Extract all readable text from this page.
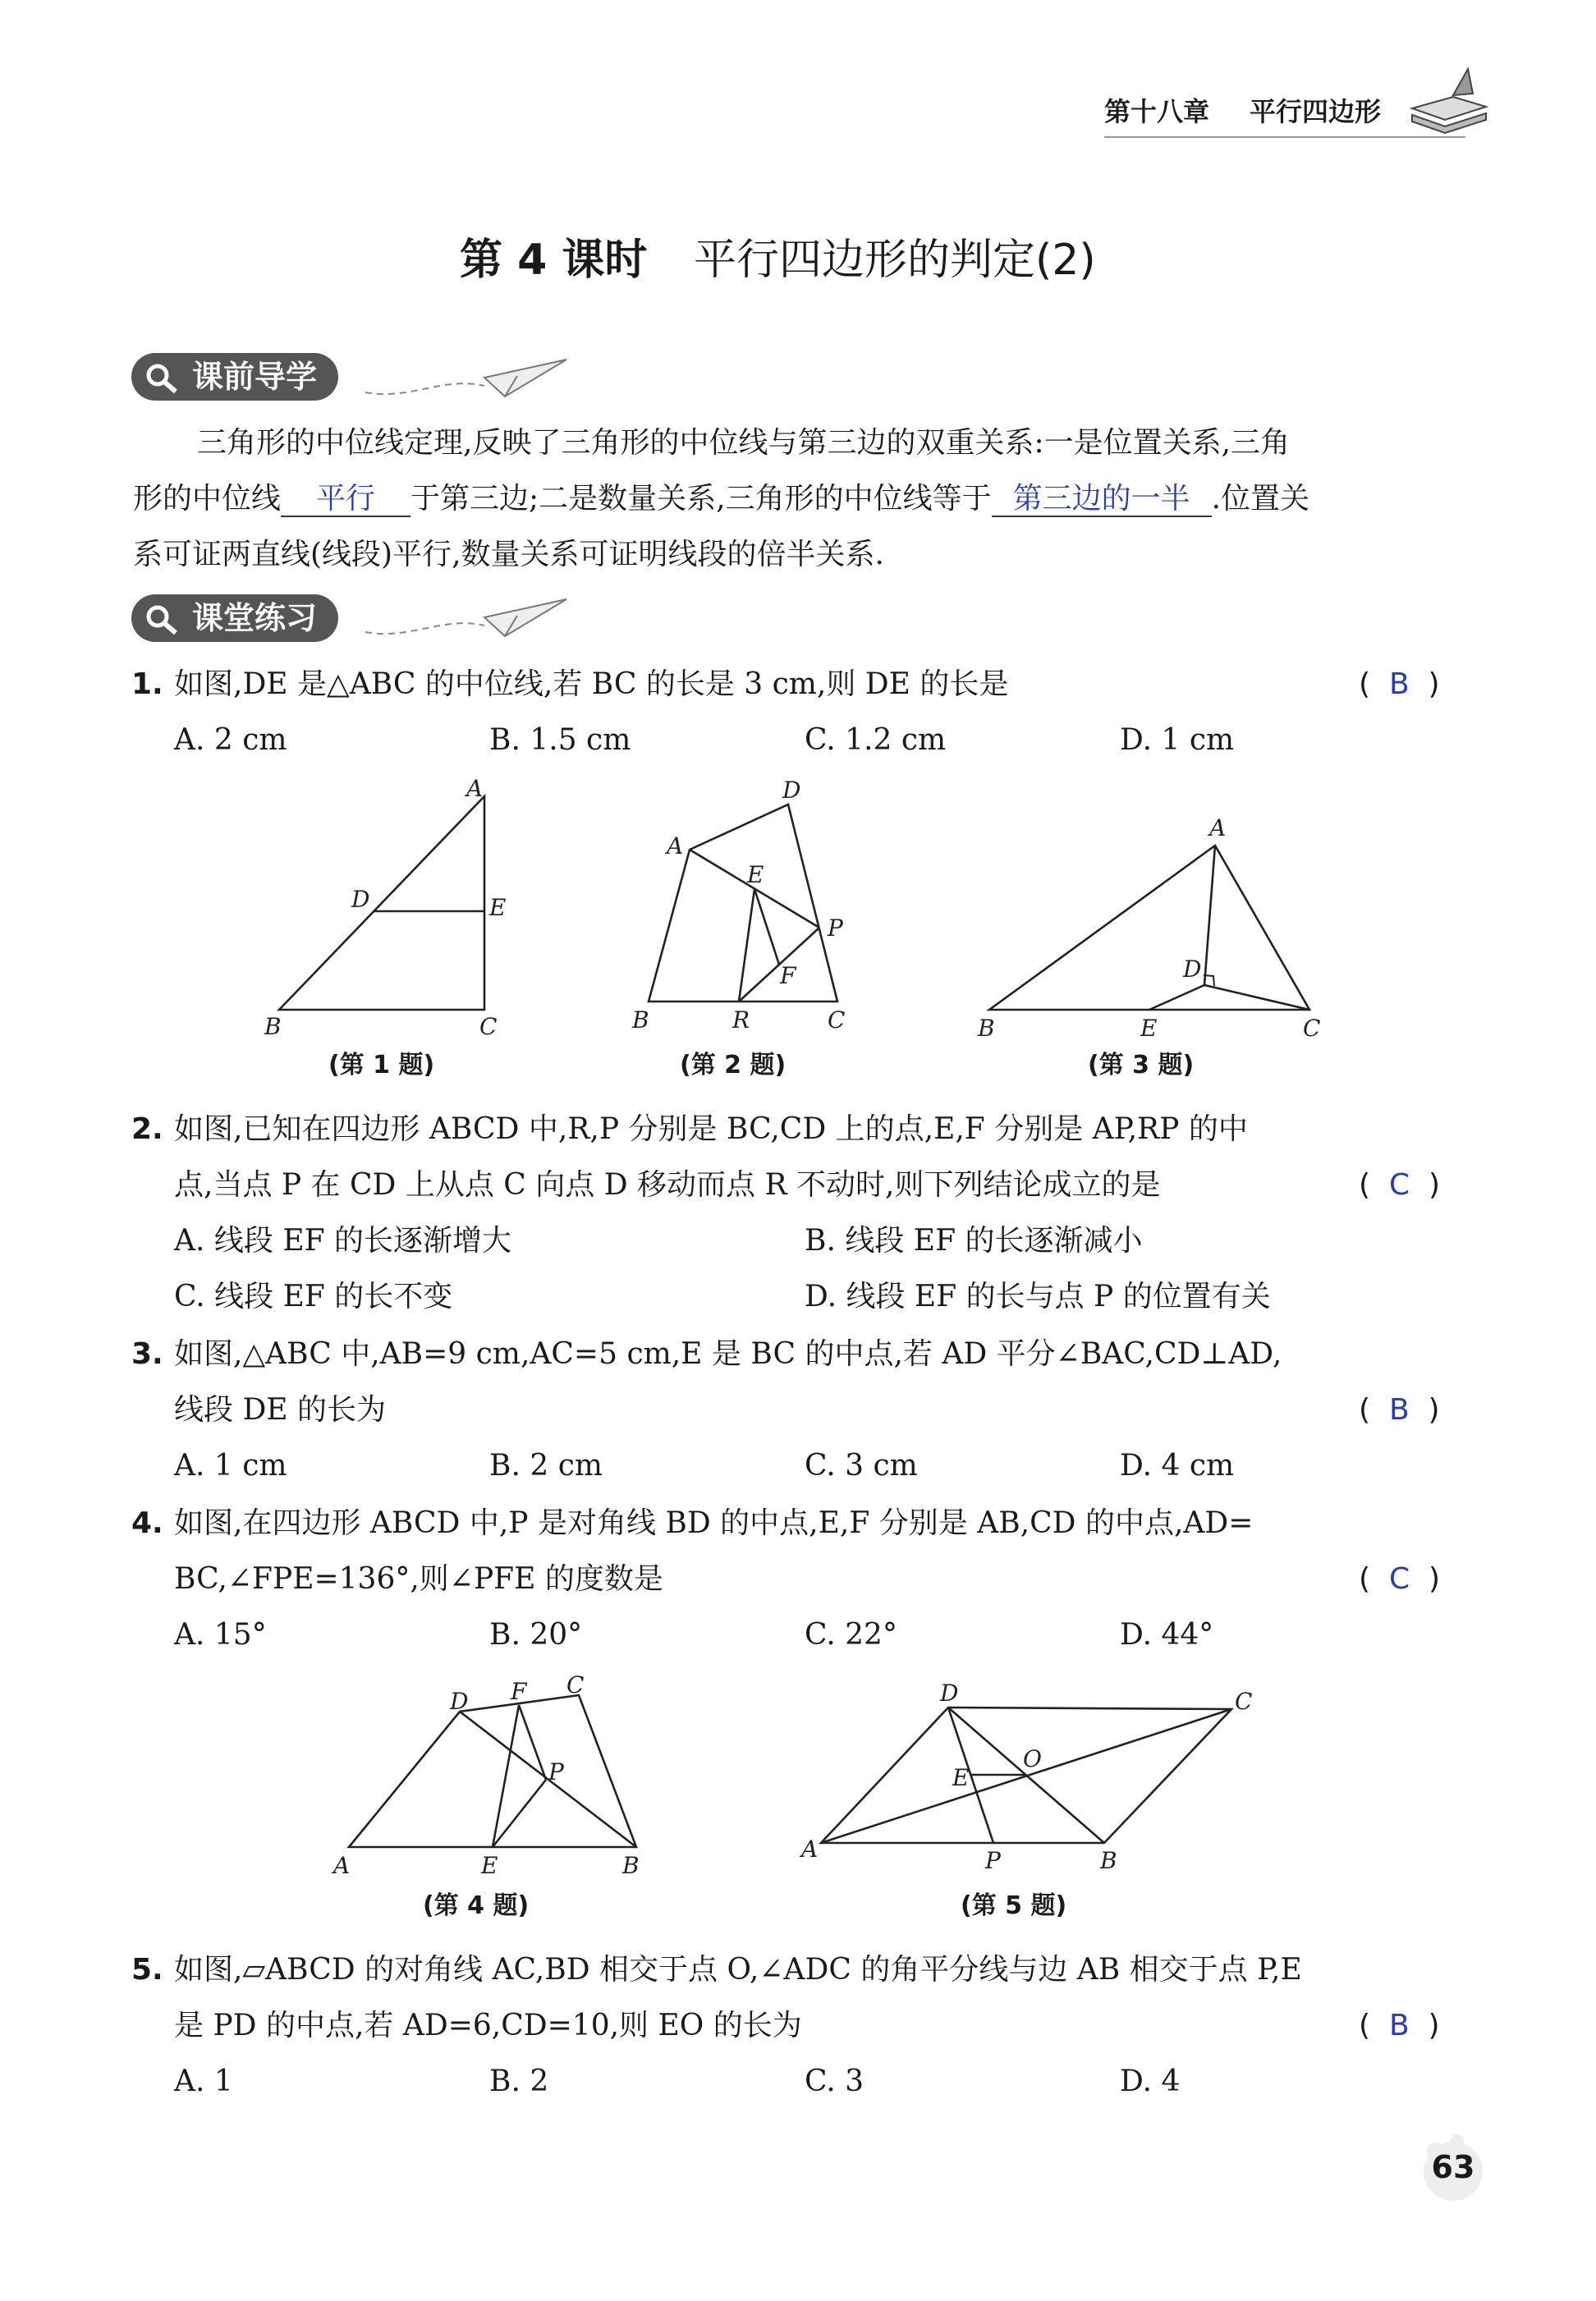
第十八章 平行四边形
第 4 课时 平行四边形的判定(2)
课前导学
三角形的中位线定理,反映了三角形的中位线与第三边的双重关系:一是位置关系,三角
形的中位线 平行 于第三边;二是数量关系,三角形的中位线等于 第三边的一半 .位置关
系可证两直线(线段)平行,数量关系可证明线段的倍半关系.
课堂练习
1. 如图,DE 是△ABC 的中位线,若 BC 的长是 3 cm,则 DE 的长是	(  B  )
A. 2 cm	B. 1.5 cm	C. 1.2 cm	D. 1 cm
A
D	E
B	C
(第 1 题)
D
A
E
P
F
B	R	C
(第 2 题)
A
D
B	E	C
(第 3 题)
2. 如图,已知在四边形 ABCD 中,R,P 分别是 BC,CD 上的点,E,F 分别是 AP,RP 的中
点,当点 P 在 CD 上从点 C 向点 D 移动而点 R 不动时,则下列结论成立的是	(  C  )
A. 线段 EF 的长逐渐增大	B. 线段 EF 的长逐渐减小
C. 线段 EF 的长不变	D. 线段 EF 的长与点 P 的位置有关
3. 如图,△ABC 中,AB=9 cm,AC=5 cm,E 是 BC 的中点,若 AD 平分∠BAC,CD⊥AD,
线段 DE 的长为	(  B  )
A. 1 cm	B. 2 cm	C. 3 cm	D. 4 cm
4. 如图,在四边形 ABCD 中,P 是对角线 BD 的中点,E,F 分别是 AB,CD 的中点,AD=
BC,∠FPE=136°,则∠PFE 的度数是	(  C  )
A. 15°	B. 20°	C. 22°	D. 44°
C
D F
P
A	E	B
(第 4 题)
D	C
E
O
A	P	B
(第 5 题)
5. 如图,▱ABCD 的对角线 AC,BD 相交于点 O,∠ADC 的角平分线与边 AB 相交于点 P,E
是 PD 的中点,若 AD=6,CD=10,则 EO 的长为	(  B  )
A. 1	B. 2	C. 3	D. 4
63
